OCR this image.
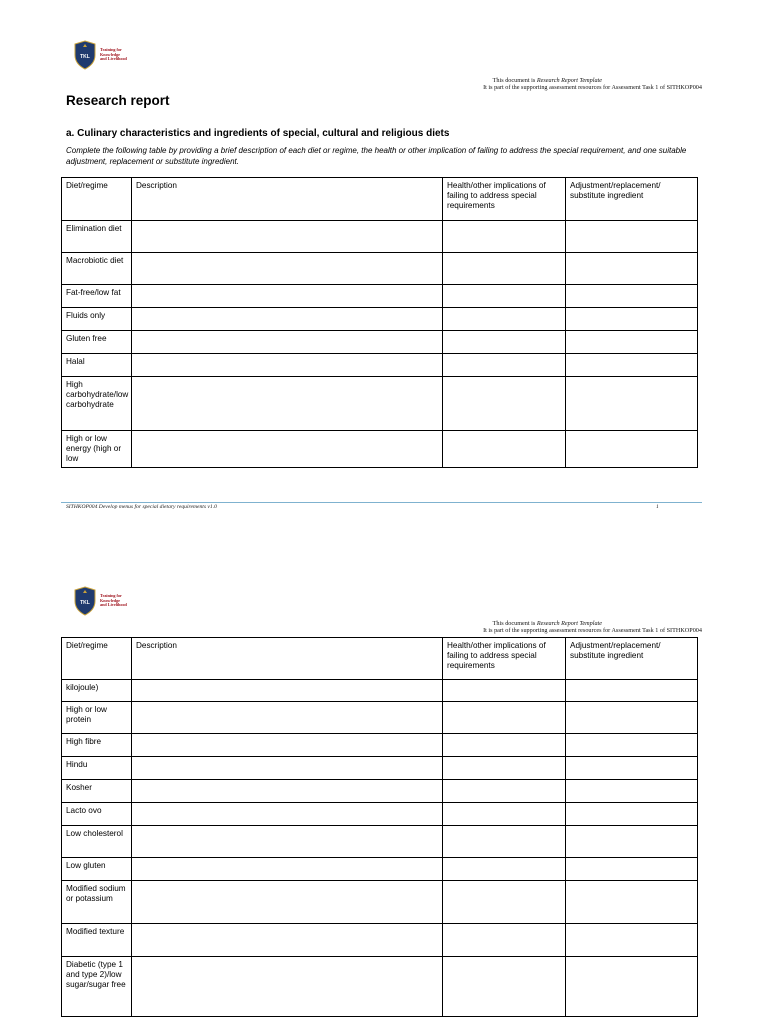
TKL
Training for
Knowledge
and Livelihood
This document is Research Report Template
It is part of the supporting assessment resources for Assessment Task 1 of SITHKOP004
Research report
a. Culinary characteristics and ingredients of special, cultural and religious diets
Complete the following table by providing a brief description of each diet or regime, the health or other implication of failing to address the special requirement, and one suitable adjustment, replacement or substitute ingredient.
Diet/regime	Description	Health/other implications of failing to address special requirements	Adjustment/replacement/ substitute ingredient
Elimination diet			
Macrobiotic diet			
Fat-free/low fat			
Fluids only			
Gluten free			
Halal			
High carbohydrate/low carbohydrate			
High or low energy (high or low			
SITHKOP004 Develop menus for special dietary requirements v1.0	1
TKL
Training for
Knowledge
and Livelihood
This document is Research Report Template
It is part of the supporting assessment resources for Assessment Task 1 of SITHKOP004
Diet/regime	Description	Health/other implications of failing to address special requirements	Adjustment/replacement/ substitute ingredient
kilojoule)			
High or low protein			
High fibre			
Hindu			
Kosher			
Lacto ovo			
Low cholesterol			
Low gluten			
Modified sodium or potassium			
Modified texture			
Diabetic (type 1 and type 2)/low sugar/sugar free			
